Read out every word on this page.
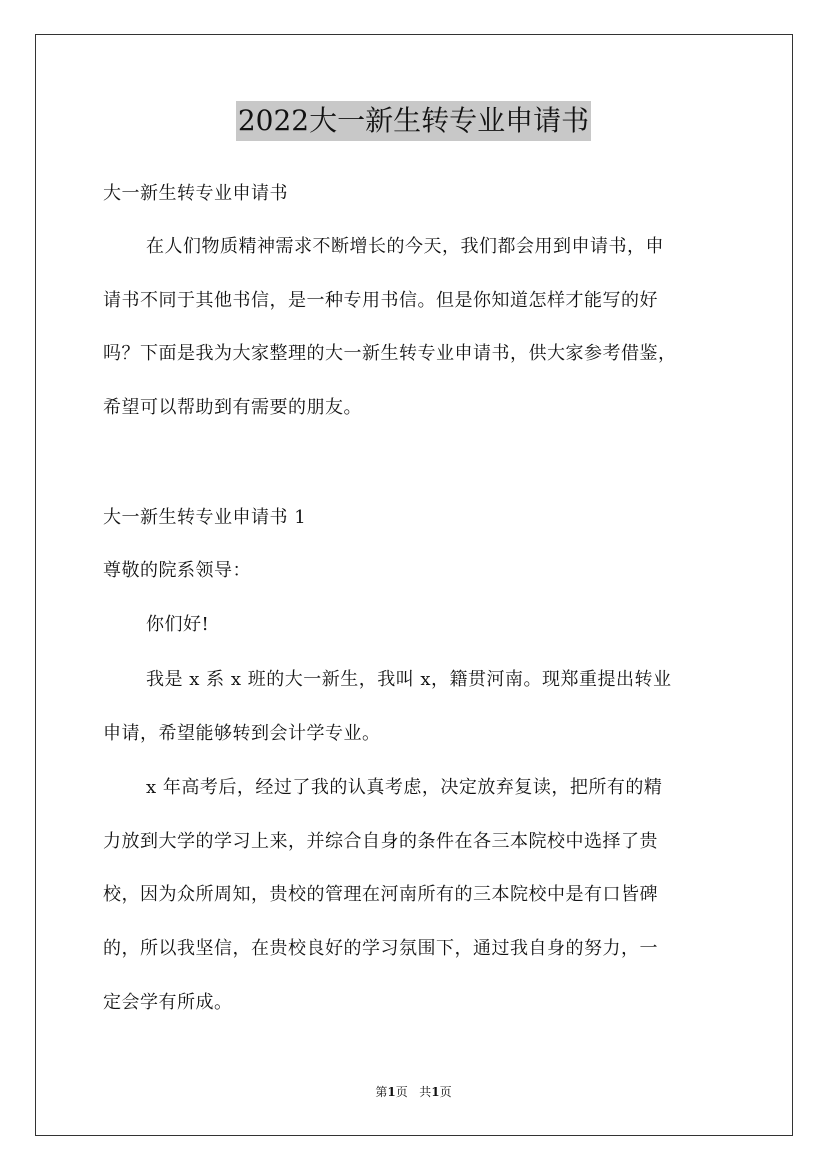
2022大一新生转专业申请书
大一新生转专业申请书
在人们物质精神需求不断增长的今天，我们都会用到申请书，申
请书不同于其他书信，是一种专用书信。但是你知道怎样才能写的好
吗？下面是我为大家整理的大一新生转专业申请书，供大家参考借鉴，
希望可以帮助到有需要的朋友。
大一新生转专业申请书 1
尊敬的院系领导：
你们好!
我是 x 系 x 班的大一新生，我叫 x，籍贯河南。现郑重提出转业
申请，希望能够转到会计学专业。
x 年高考后，经过了我的认真考虑，决定放弃复读，把所有的精
力放到大学的学习上来，并综合自身的条件在各三本院校中选择了贵
校，因为众所周知，贵校的管理在河南所有的三本院校中是有口皆碑
的，所以我坚信，在贵校良好的学习氛围下，通过我自身的努力，一
定会学有所成。
第1页 共1页
